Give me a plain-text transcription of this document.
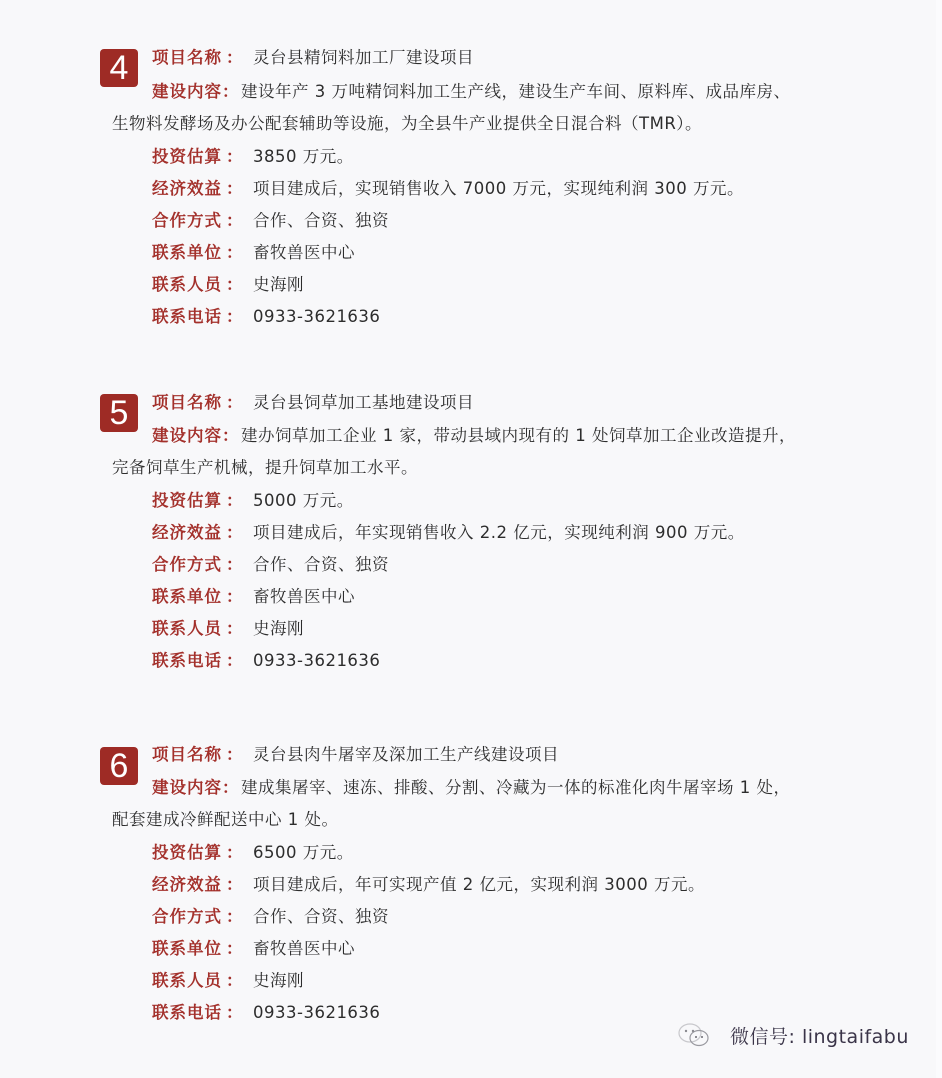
4	项目名称 ： 灵台县精饲料加工厂建设项目
建设内容： 建设年产 3 万吨精饲料加工生产线，建设生产车间、原料库、成品库房、
生物料发酵场及办公配套辅助等设施，为全县牛产业提供全日混合料（TMR）。
投资估算 ： 3850 万元。
经济效益 ： 项目建成后，实现销售收入 7000 万元，实现纯利润 300 万元。
合作方式 ： 合作、合资、独资
联系单位 ： 畜牧兽医中心
联系人员 ： 史海刚
联系电话 ： 0933-3621636
5	项目名称 ： 灵台县饲草加工基地建设项目
建设内容： 建办饲草加工企业 1 家，带动县域内现有的 1 处饲草加工企业改造提升，
完备饲草生产机械，提升饲草加工水平。
投资估算 ： 5000 万元。
经济效益 ： 项目建成后，年实现销售收入 2.2 亿元，实现纯利润 900 万元。
合作方式 ： 合作、合资、独资
联系单位 ： 畜牧兽医中心
联系人员 ： 史海刚
联系电话 ： 0933-3621636
6	项目名称 ： 灵台县肉牛屠宰及深加工生产线建设项目
建设内容： 建成集屠宰、速冻、排酸、分割、冷藏为一体的标准化肉牛屠宰场 1 处，
配套建成冷鲜配送中心 1 处。
投资估算 ： 6500 万元。
经济效益 ： 项目建成后，年可实现产值 2 亿元，实现利润 3000 万元。
合作方式 ： 合作、合资、独资
联系单位 ： 畜牧兽医中心
联系人员 ： 史海刚
联系电话 ： 0933-3621636
微信号: lingtaifabu
